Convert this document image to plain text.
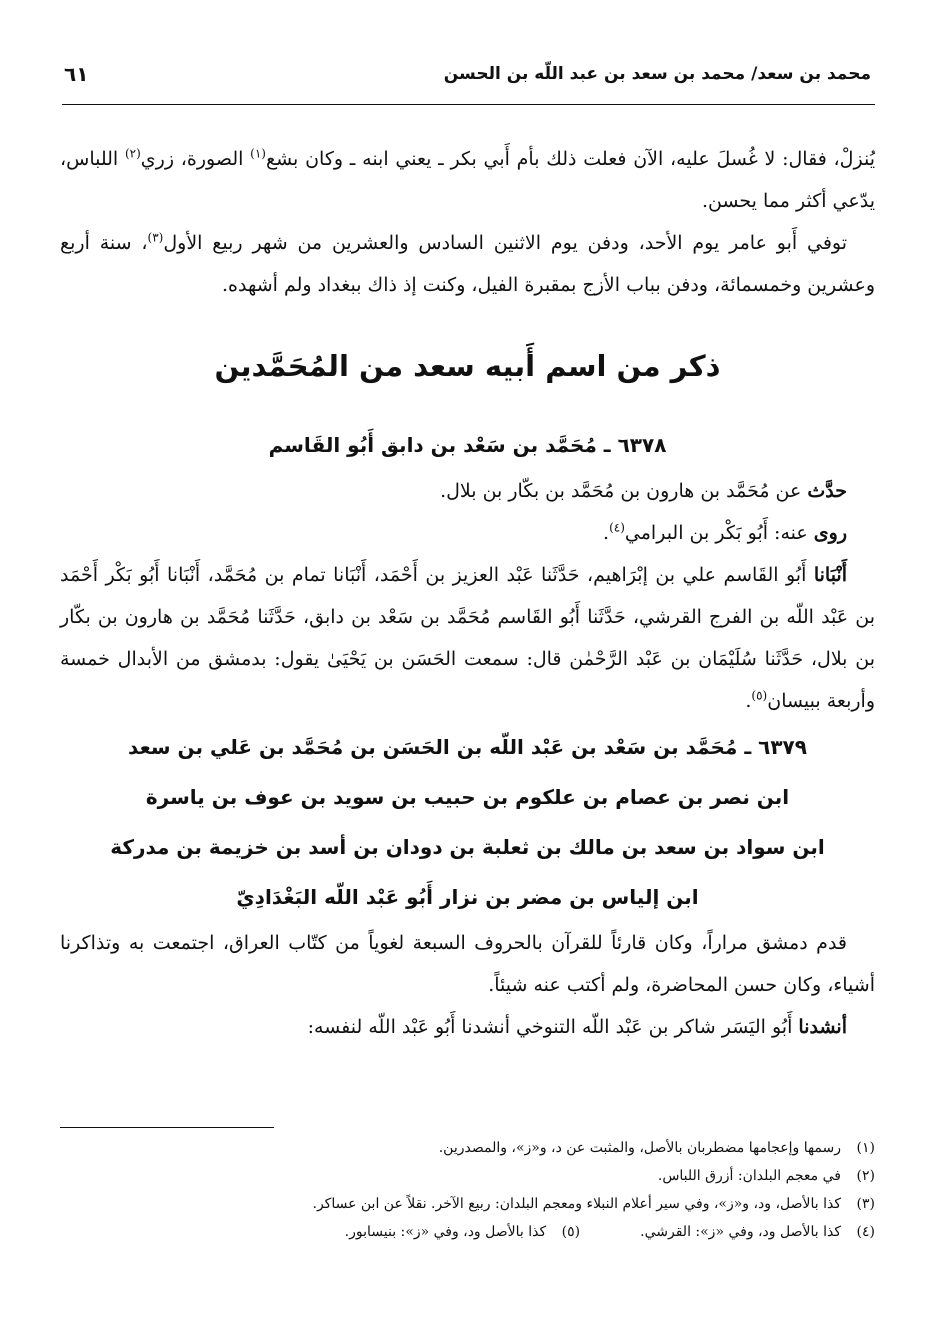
محمد بن سعد/ محمد بن سعد بن عبد اللّه بن الحسن
٦١

يُنزلْ، فقال: لا غُسلَ عليه، الآن فعلت ذلك بأم أَبي بكر ـ يعني ابنه ـ وكان بشع$^{(١)}$ الصورة، زري$^{(٢)}$ اللباس، يدّعي أكثر مما يحسن.

توفي أَبو عامر يوم الأحد، ودفن يوم الاثنين السادس والعشرين من شهر ربيع الأول$^{(٣)}$، سنة أربع وعشرين وخمسمائة، ودفن بباب الأزج بمقبرة الفيل، وكنت إذ ذاك ببغداد ولم أشهده.

ذكر من اسم أَبيه سعد من المُحَمَّدين

٦٣٧٨ ـ مُحَمَّد بن سَعْد بن دابق أَبُو القَاسم

حدَّث عن مُحَمَّد بن هارون بن مُحَمَّد بن بكّار بن بلال.

روى عنه: أَبُو بَكْر بن البرامي$^{(٤)}$.

أَنْبَانا أَبُو القَاسم علي بن إبْرَاهيم، حَدَّثَنا عَبْد العزيز بن أَحْمَد، أَنْبَانا تمام بن مُحَمَّد، أَنْبَانا أَبُو بَكْر أَحْمَد بن عَبْد اللّه بن الفرج القرشي، حَدَّثَنا أَبُو القَاسم مُحَمَّد بن سَعْد بن دابق، حَدَّثَنا مُحَمَّد بن هارون بن بكّار بن بلال، حَدَّثَنا سُلَيْمَان بن عَبْد الرَّحْمٰن قال: سمعت الحَسَن بن يَحْيَىٰ يقول: بدمشق من الأبدال خمسة وأربعة ببيسان$^{(٥)}$.

٦٣٧٩ ـ مُحَمَّد بن سَعْد بن عَبْد اللّه بن الحَسَن بن مُحَمَّد بن عَلي بن سعد

ابن نصر بن عصام بن علكوم بن حبيب بن سويد بن عوف بن ياسرة

ابن سواد بن سعد بن مالك بن ثعلبة بن دودان بن أسد بن خزيمة بن مدركة

ابن إلياس بن مضر بن نزار أَبُو عَبْد اللّه البَغْدَادِيّ

قدم دمشق مراراً، وكان قارئاً للقرآن بالحروف السبعة لغوياً من كتّاب العراق، اجتمعت به وتذاكرنا أشياء، وكان حسن المحاضرة، ولم أكتب عنه شيئاً.

أنشدنا أَبُو اليَسَر شاكر بن عَبْد اللّه التنوخي أنشدنا أَبُو عَبْد اللّه لنفسه:

(١)رسمها وإعجامها مضطربان بالأصل، والمثبت عن د، و«ز»، والمصدرين.
(٢)في معجم البلدان: أزرق اللباس.
(٣)كذا بالأصل، ود، و«ز»، وفي سير أعلام النبلاء ومعجم البلدان: ربيع الآخر. نقلاً عن ابن عساكر.
(٤)كذا بالأصل ود، وفي «ز»: القرشي.(٥)كذا بالأصل ود، وفي «ز»: بنيسابور.
